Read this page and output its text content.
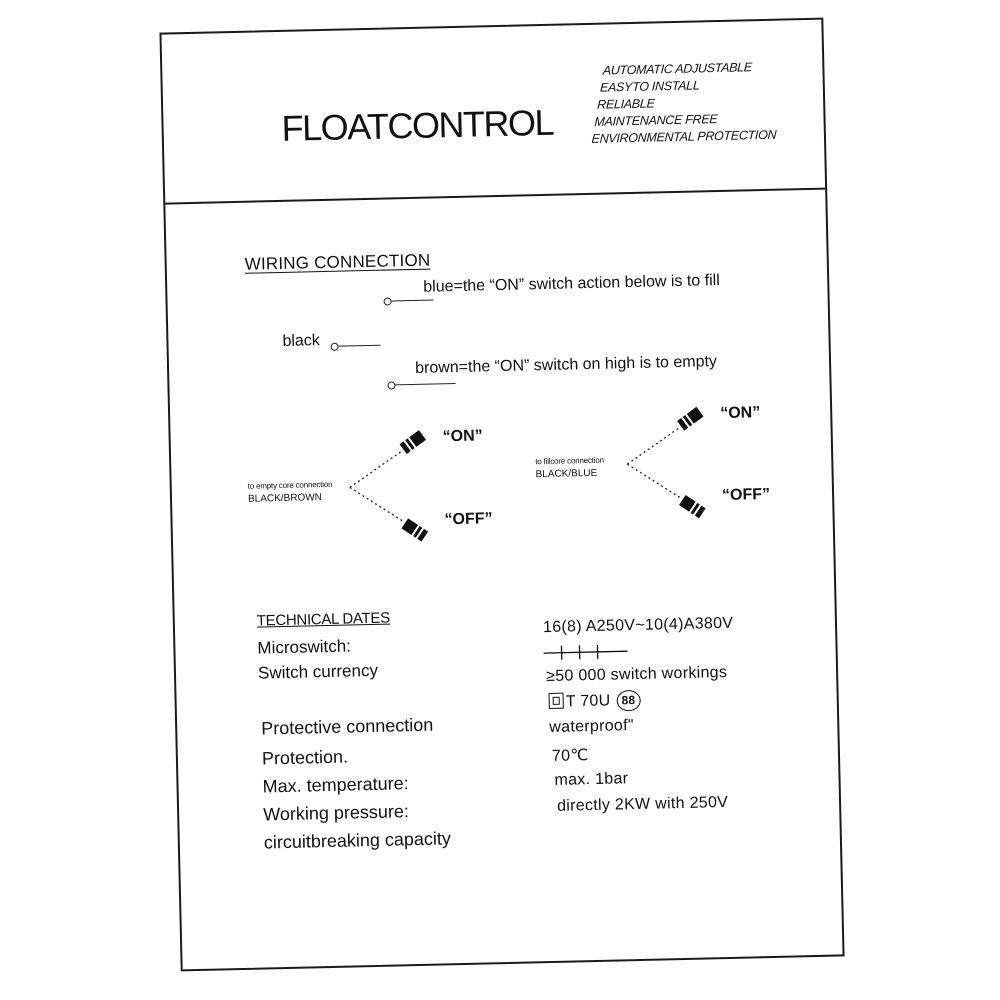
FLOATCONTROL
AUTOMATIC ADJUSTABLE
EASYTO INSTALL
RELIABLE
MAINTENANCE FREE
ENVIRONMENTAL PROTECTION
WIRING CONNECTION
blue=the “ON” switch action below is to fill
black
brown=the “ON” switch on high is to empty
to empty core connection
BLACK/BROWN
“ON”
“OFF”
to fillcore connection
BLACK/BLUE
“ON”
“OFF”
TECHNICAL DATES
Microswitch:
Switch currency
Protective connection
Protection.
Max. temperature:
Working pressure:
circuitbreaking capacity
16(8) A250V~10(4)A380V
≥50 000 switch workings
T 70U 88
waterproof"
70℃
max. 1bar
directly 2KW with 250V
